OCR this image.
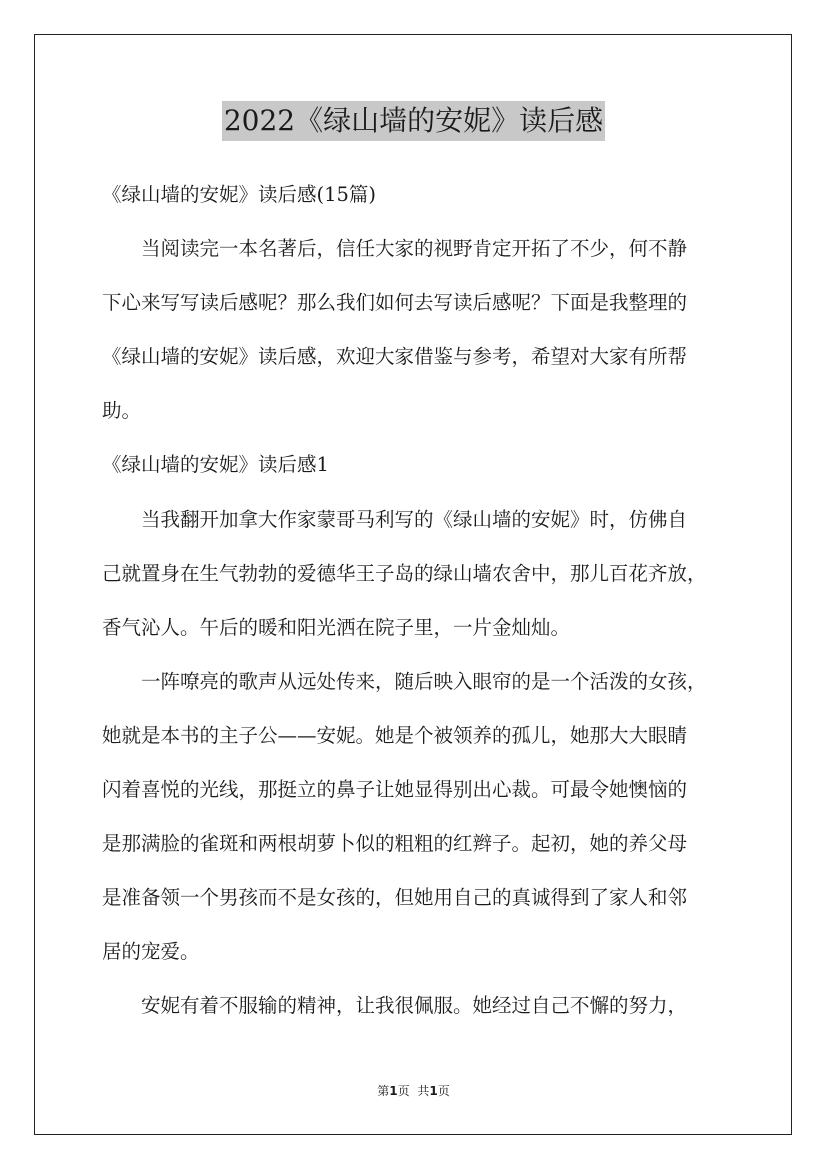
2022《绿山墙的安妮》读后感
《绿山墙的安妮》读后感(15篇)
当阅读完一本名著后，信任大家的视野肯定开拓了不少，何不静
下心来写写读后感呢？那么我们如何去写读后感呢？下面是我整理的
《绿山墙的安妮》读后感，欢迎大家借鉴与参考，希望对大家有所帮
助。
《绿山墙的安妮》读后感1
当我翻开加拿大作家蒙哥马利写的《绿山墙的安妮》时，仿佛自
己就置身在生气勃勃的爱德华王子岛的绿山墙农舍中，那儿百花齐放，
香气沁人。午后的暖和阳光洒在院子里，一片金灿灿。
一阵嘹亮的歌声从远处传来，随后映入眼帘的是一个活泼的女孩，
她就是本书的主子公——安妮。她是个被领养的孤儿，她那大大眼睛
闪着喜悦的光线，那挺立的鼻子让她显得别出心裁。可最令她懊恼的
是那满脸的雀斑和两根胡萝卜似的粗粗的红辫子。起初，她的养父母
是准备领一个男孩而不是女孩的，但她用自己的真诚得到了家人和邻
居的宠爱。
安妮有着不服输的精神，让我很佩服。她经过自己不懈的努力，
第1页 共1页
